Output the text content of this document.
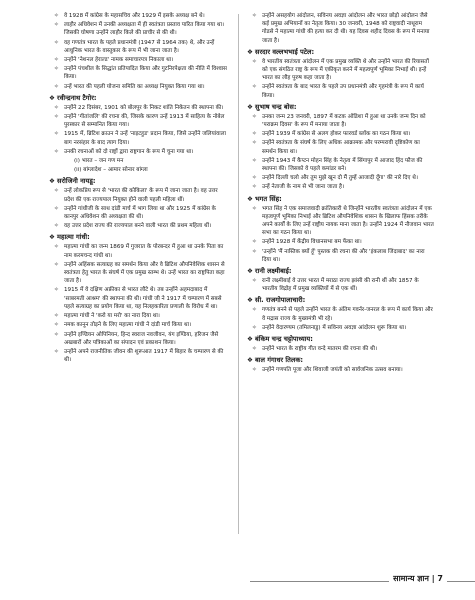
✧ वे 1928 में कांग्रेस के महासचिव और 1929 में इसके अध्यक्ष बने थे।
✧ लाहौर अधिवेशन में उनकी अध्यक्षता में ही स्वतंत्रता प्रस्ताव पारित किया गया था। जिसकी घोषणा उन्होंने लाहौर किले की प्राचीर से की थी।
✧ वह गणतंत्र भारत के पहले प्रधानमंत्री (1947 से 1964 तक) थे, और उन्हें आधुनिक भारत के वास्तुकार के रूप में भी जाना जाता है।
✧ उन्होंने 'नेशनल हेराल्ड' नामक समाचारपत्र निकाला था।
✧ उन्होंने पंचशील के सिद्धांत प्रतिपादित किया और गुटनिरपेक्षता की नीति में विश्वास किया।
✧ उन्हें भारत की पहली योजना समिति का अध्यक्ष नियुक्त किया गया था।
❖ रवीन्द्रनाथ टैगोर:
✧ उन्होंने 22 दिसंबर, 1901 को बोलपुर के निकट शांति निकेतन की स्थापना की।
✧ उन्होंने 'गीतांजलि' की रचना की, जिसके कारण उन्हें 1913 में साहित्य के नोबेल पुरस्कार से सम्मानित किया गया।
✧ 1915 में, ब्रिटिश क्राउन ने उन्हें 'नाइटहुड' प्रदान किया, जिसे उन्होंने जलियांवाला बाग नरसंहार के बाद त्याग दिया।
✧ उनकी रचनाओं को दो राष्ट्रों द्वारा राष्ट्रगान के रूप में चुना गया था।
(i) भारत – जन गण मन
(ii) बांग्लादेश – आमार सोनार बांग्ला
❖ सरोजिनी नायडू:
✧ उन्हें लोकप्रिय रूप से 'भारत की कोकिला' के रूप में जाना जाता है। वह उत्तर प्रदेश की एक राज्यपाल नियुक्त होने वाली पहली महिला थीं।
✧ उन्होंने गांधीजी के साथ दांडी मार्च में भाग लिया था और 1925 में कांग्रेस के कानपुर अधिवेशन की अध्यक्षता की थी।
✧ वह उत्तर प्रदेश राज्य की राज्यपाल बनने वाली भारत की प्रथम महिला थीं।
❖ महात्मा गांधी:
✧ महात्मा गांधी का जन्म 1869 में गुजरात के पोरबन्दर में हुआ था उनके पिता का नाम करमचन्द गांधी था।
✧ उन्होंने अहिंसक सत्याग्रह का समर्थन किया और वे ब्रिटिश औपनिवेशिक शासन से स्वतंत्रता हेतु भारत के संघर्ष में एक प्रमुख स्तम्भ थे। उन्हें भारत का राष्ट्रपिता कहा जाता है।
✧ 1915 में वे दक्षिण अफ्रीका से भारत लौटे थे। तब उन्होंने अहमदाबाद में 'साबरमती आश्रम' की स्थापना की थी। गांधी जी ने 1917 में चम्पारण में सबसे पहले सत्याग्रह का प्रयोग किया था, यह निलहकारिता प्रणाली के विरोध में था।
✧ महात्मा गांधी ने 'करो या मरो' का नारा दिया था।
✧ नमक कानून तोड़ने के लिए महात्मा गांधी ने दांडी मार्च किया था।
✧ उन्होंने इण्डियन ओपिनियन, हिन्द स्वराज नवजीवन, यंग इण्डिया, हरिजन जैसे अखबारों और पत्रिकाओं का संपादन एवं प्रकाशन किया।
✧ उन्होंने अपने राजनीतिक जीवन की शुरूआत 1917 में बिहार के चम्पारण से की थी।
✧ उन्होंने असहयोग आंदोलन, सविनय अवज्ञा आंदोलन और भारत छोड़ो आंदोलन जैसे कई प्रमुख अभियानों का नेतृत्व किया। 30 जनवरी, 1948 को राष्ट्रवादी नाथूराम गोडसे ने महात्मा गांधी की हत्या कर दी थी। यह दिवस शहीद दिवस के रूप में मनाया जाता है।
❖ सरदार वल्लभभाई पटेल:
✧ वे भारतीय स्वतंत्रता आंदोलन में एक प्रमुख व्यक्ति थे और उन्होंने भारत की रियासतों को एक संगठित राष्ट्र के रूप में एकीकृत करने में महत्वपूर्ण भूमिका निभाई थी। इन्हें भारत का लौह पुरुष कहा जाता है।
✧ उन्होंने स्वतंत्रता के बाद भारत के पहले उप प्रधानमंत्री और गृहमंत्री के रूप में कार्य किया।
❖ सुभाष चन्द्र बोस:
✧ उनका जन्म 23 जनवरी, 1897 में कटक ओडिशा में हुआ था उनके जन्म दिन को 'पराक्रम दिवस' के रूप में मनाया जाता है।
✧ उन्होंने 1939 में कांग्रेस से अलग होकर फारवर्ड ब्लॉक का गठन किया था।
✧ उन्होंने स्वतंत्रता के संघर्ष के लिए अधिक आक्रामक और परम्परावी दृष्टिकोण का समर्थन किया था।
✧ उन्होंने 1943 में कैप्टन मोहन सिंह के नेतृत्व में सिंगापुर में आजाद हिंद फौज की स्थापना की। जिसको वे पहले कमांडर बने।
✧ उन्होंने दिल्ली चलो और तुम मुझे खून दो मैं तुम्हें आजादी दूँगा' की नारे दिए थे।
✧ उन्हें नेताजी के नाम से भी जाना जाता है।
❖ भगत सिंह:
✧ भगत सिंह ने एक समाजवादी क्रांतिकारी थे जिन्होंने भारतीय स्वतंत्रता आंदोलन में एक महत्वपूर्ण भूमिका निभाई और ब्रिटिश औपनिवेशिक शासन के खिलाफ हिंसक तरीके अपने कार्यों के लिए उन्हें राष्ट्रीय नायक माना जाता है। उन्होंने 1924 में नौजवान भारत सभा का गठन किया था।
✧ उन्होंने 1928 में केंद्रीय विधानसभा बम फेंका था।
✧ 'उन्होंने 'मैं नास्तिक क्यों हूँ' पुस्तक की रचना की और 'इंकलाब जिंदाबाद' का नारा दिया था।
❖ रानी लक्ष्मीबाई:
✧ रानी लक्ष्मीबाई वे उत्तर भारत में मराठा राज्य झांसी की रानी थीं और 1857 के भारतीय विद्रोह में प्रमुख व्यक्तियों में से एक थीं।
❖ सी. राजगोपालाचारी:
✧ गणतंत्र बनने से पहले उन्होंने भारत के अंतिम गवर्नर-जनरल के रूप में कार्य किया और वे मद्रास राज्य के मुख्यमंत्री भी रहे।
✧ उन्होंने वेदारण्यम (तमिलनाडु) में सविनय अवज्ञा आंदोलन शुरू किया था।
❖ बंकिम चन्द्र चट्टोपाध्याय:
✧ उन्होंने भारत के राष्ट्रीय गीत वन्दे मातरम की रचना की थी।
❖ बाल गंगाधर तिलक:
✧ उन्होंने गणपति पूजा और शिवाजी जयंती को सार्वजनिक उत्सव बनाया।
सामान्य ज्ञान | 7
